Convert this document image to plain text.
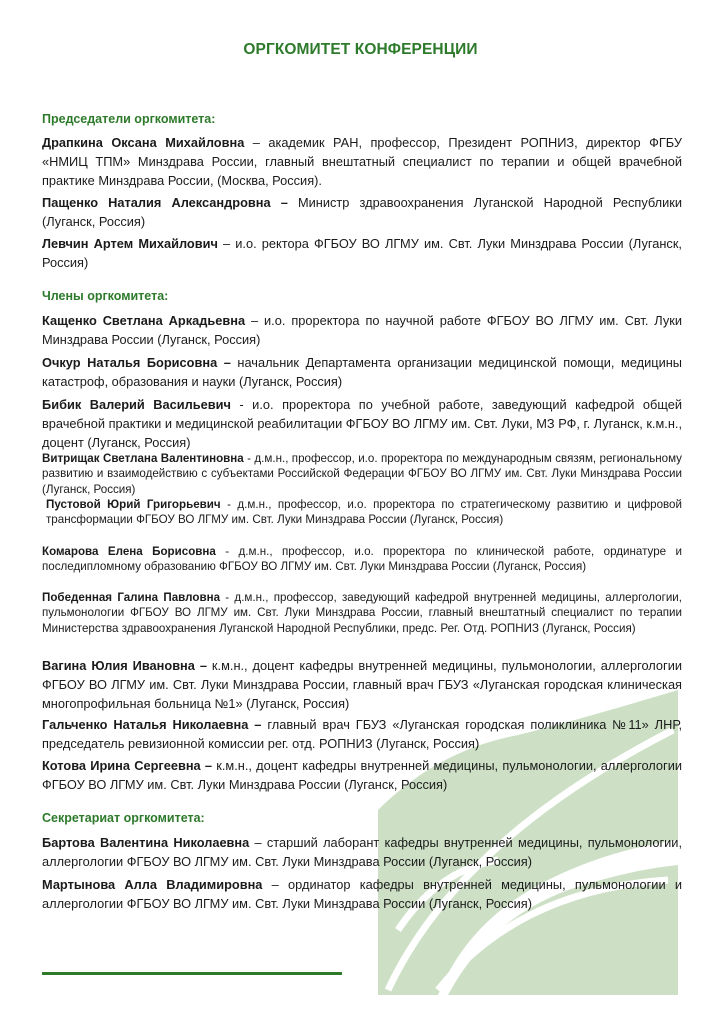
ОРГКОМИТЕТ КОНФЕРЕНЦИИ
Председатели оргкомитета:
Драпкина Оксана Михайловна – академик РАН, профессор, Президент РОПНИЗ, директор ФГБУ «НМИЦ ТПМ» Минздрава России, главный внештатный специалист по терапии и общей врачебной практике Минздрава России, (Москва, Россия).
Пащенко Наталия Александровна – Министр здравоохранения Луганской Народной Республики (Луганск, Россия)
Левчин Артем Михайлович – и.о. ректора ФГБОУ ВО ЛГМУ им. Свт. Луки Минздрава России (Луганск, Россия)
Члены оргкомитета:
Кащенко Светлана Аркадьевна – и.о. проректора по научной работе ФГБОУ ВО ЛГМУ им. Свт. Луки Минздрава России (Луганск, Россия)
Очкур Наталья Борисовна – начальник Департамента организации медицинской помощи, медицины катастроф, образования и науки (Луганск, Россия)
Бибик Валерий Васильевич - и.о. проректора по учебной работе, заведующий кафедрой общей врачебной практики и медицинской реабилитации ФГБОУ ВО ЛГМУ им. Свт. Луки, МЗ РФ, г. Луганск, к.м.н., доцент (Луганск, Россия)
Витрищак Светлана Валентиновна - д.м.н., профессор, и.о. проректора по международным связям, региональному развитию и взаимодействию с субъектами Российской Федерации ФГБОУ ВО ЛГМУ им. Свт. Луки Минздрава России (Луганск, Россия)
Пустовой Юрий Григорьевич - д.м.н., профессор, и.о. проректора по стратегическому развитию и цифровой трансформации ФГБОУ ВО ЛГМУ им. Свт. Луки Минздрава России (Луганск, Россия)
Комарова Елена Борисовна - д.м.н., профессор, и.о. проректора по клинической работе, ординатуре и последипломному образованию ФГБОУ ВО ЛГМУ им. Свт. Луки Минздрава России (Луганск, Россия)
Победенная Галина Павловна - д.м.н., профессор, заведующий кафедрой внутренней медицины, аллергологии, пульмонологии ФГБОУ ВО ЛГМУ им. Свт. Луки Минздрава России, главный внештатный специалист по терапии Министерства здравоохранения Луганской Народной Республики, предс. Рег. Отд. РОПНИЗ (Луганск, Россия)
Вагина Юлия Ивановна – к.м.н., доцент кафедры внутренней медицины, пульмонологии, аллергологии ФГБОУ ВО ЛГМУ им. Свт. Луки Минздрава России, главный врач ГБУЗ «Луганская городская клиническая многопрофильная больница №1» (Луганск, Россия)
Гальченко Наталья Николаевна – главный врач ГБУЗ «Луганская городская поликлиника №11» ЛНР, председатель ревизионной комиссии рег. отд. РОПНИЗ (Луганск, Россия)
Котова Ирина Сергеевна – к.м.н., доцент кафедры внутренней медицины, пульмонологии, аллергологии ФГБОУ ВО ЛГМУ им. Свт. Луки Минздрава России (Луганск, Россия)
Секретариат оргкомитета:
Бартова Валентина Николаевна – старший лаборант кафедры внутренней медицины, пульмонологии, аллергологии ФГБОУ ВО ЛГМУ им. Свт. Луки Минздрава России (Луганск, Россия)
Мартынова Алла Владимировна – ординатор кафедры внутренней медицины, пульмонологии и аллергологии ФГБОУ ВО ЛГМУ им. Свт. Луки Минздрава России (Луганск, Россия)
